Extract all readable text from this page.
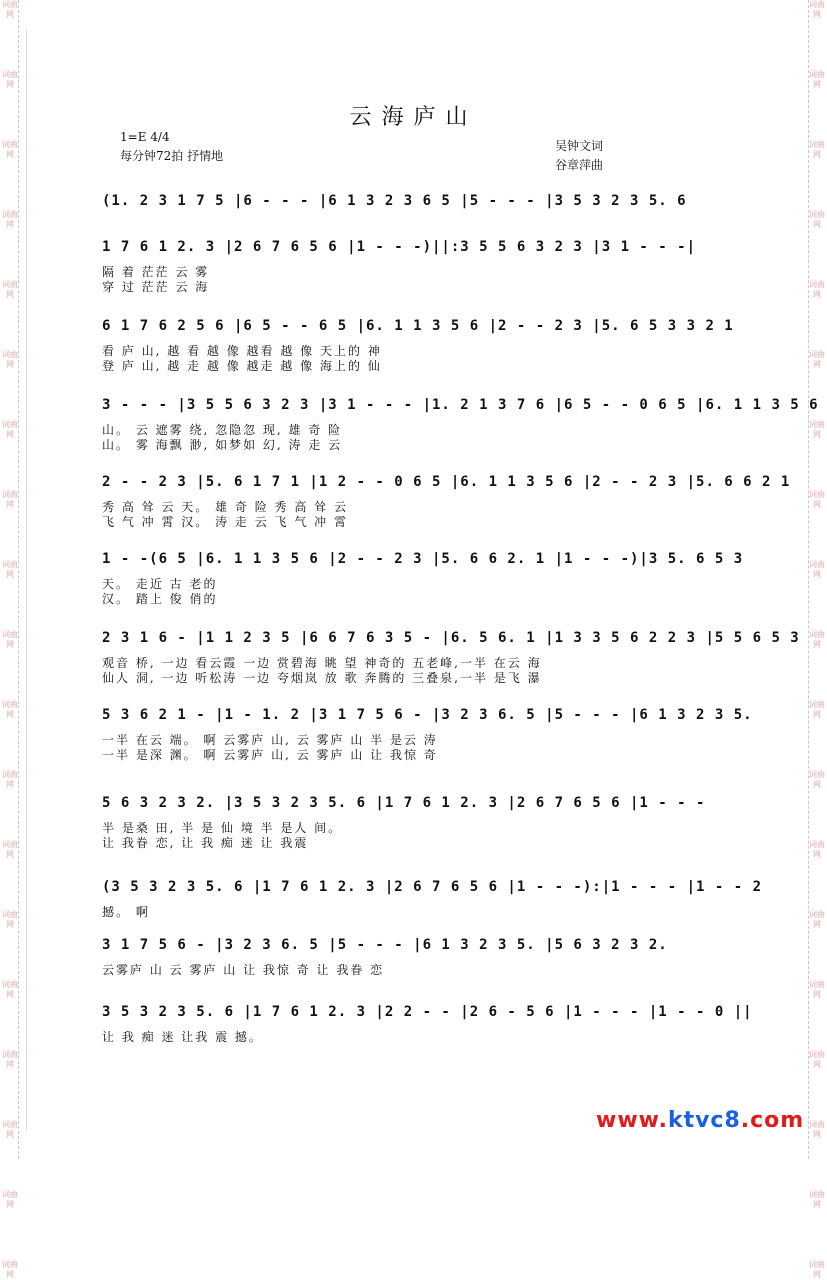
词曲网
词曲网
词曲网
词曲网
词曲网
词曲网
词曲网
词曲网
词曲网
词曲网
词曲网
词曲网
词曲网
词曲网
词曲网
词曲网
词曲网
词曲网
词曲网
词曲网
词曲网
词曲网
词曲网
词曲网
词曲网
词曲网
词曲网
词曲网
词曲网
词曲网
词曲网
词曲网
词曲网
词曲网
词曲网
词曲网
词曲网
词曲网
云海庐山
1=E 4/4
每分钟72拍 抒情地
吴钟文词
谷章萍曲
(1. 2 3 1 7 5 |6 - - - |6 1 3 2 3 6 5 |5 - - - |3 5 3 2 3 5. 6
1 7 6 1 2. 3 |2 6 7 6 5 6 |1 - - -)||:3 5 5 6 3 2 3 |3 1 - - -|
隔 着 茫茫 云 雾
穿 过 茫茫 云 海
6 1 7 6 2 5 6 |6 5 - - 6 5 |6. 1 1 3 5 6 |2 - - 2 3 |5. 6 5 3 3 2 1
看 庐 山, 越 看 越 像 越看 越 像 天上的 神
登 庐 山, 越 走 越 像 越走 越 像 海上的 仙
3 - - - |3 5 5 6 3 2 3 |3 1 - - - |1. 2 1 3 7 6 |6 5 - - 0 6 5 |6. 1 1 3 5 6
山。 云 遮雾 绕, 忽隐忽 现, 雄 奇 险
山。 雾 海飘 渺, 如梦如 幻, 涛 走 云
2 - - 2 3 |5. 6 1 7 1 |1 2 - - 0 6 5 |6. 1 1 3 5 6 |2 - - 2 3 |5. 6 6 2 1
秀 高 耸 云 天。 雄 奇 险 秀 高 耸 云
飞 气 冲 霄 汉。 涛 走 云 飞 气 冲 霄
1 - -(6 5 |6. 1 1 3 5 6 |2 - - 2 3 |5. 6 6 2. 1 |1 - - -)|3 5. 6 5 3
天。 走近 古 老的
汉。 踏上 俊 俏的
2 3 1 6 - |1 1 2 3 5 |6 6 7 6 3 5 - |6. 5 6. 1 |1 3 3 5 6 2 2 3 |5 5 6 5 3
观音 桥, 一边 看云霞 一边 赏碧海 眺 望 神奇的 五老峰,一半 在云 海
仙人 洞, 一边 听松涛 一边 夸烟岚 放 歌 奔腾的 三叠泉,一半 是飞 瀑
5 3 6 2 1 - |1 - 1. 2 |3 1 7 5 6 - |3 2 3 6. 5 |5 - - - |6 1 3 2 3 5.
一半 在云 端。 啊 云雾庐 山, 云 雾庐 山 半 是云 涛
一半 是深 渊。 啊 云雾庐 山, 云 雾庐 山 让 我惊 奇
5 6 3 2 3 2. |3 5 3 2 3 5. 6 |1 7 6 1 2. 3 |2 6 7 6 5 6 |1 - - -
半 是桑 田, 半 是 仙 境 半 是人 间。
让 我眷 恋, 让 我 痴 迷 让 我震
(3 5 3 2 3 5. 6 |1 7 6 1 2. 3 |2 6 7 6 5 6 |1 - - -):|1 - - - |1 - - 2
撼。 啊
3 1 7 5 6 - |3 2 3 6. 5 |5 - - - |6 1 3 2 3 5. |5 6 3 2 3 2.
云雾庐 山 云 雾庐 山 让 我惊 奇 让 我眷 恋
3 5 3 2 3 5. 6 |1 7 6 1 2. 3 |2 2 - - |2 6 - 5 6 |1 - - - |1 - - 0 ||
让 我 痴 迷 让我 震 撼。
www.ktvc8.com
